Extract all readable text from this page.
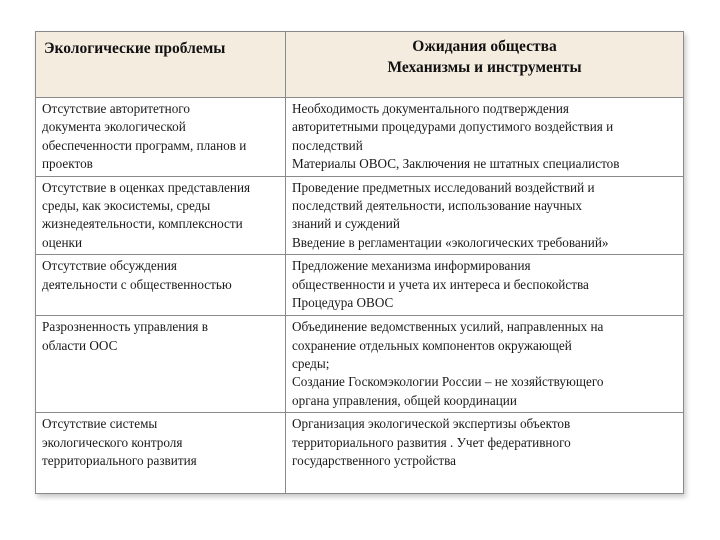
Экологические проблемы	Ожидания общества
Механизмы и инструменты

Отсутствие авторитетного
документа экологической
обеспеченности программ, планов и
проектов	Необходимость документального подтверждения
авторитетными процедурами допустимого воздействия и
последствий
Материалы ОВОС, Заключения не штатных специалистов

Отсутствие в оценках представления
среды, как экосистемы, среды
жизнедеятельности, комплексности
оценки	Проведение предметных исследований воздействий и
последствий деятельности, использование научных
знаний и суждений
Введение в регламентации «экологических требований»

Отсутствие обсуждения
деятельности с общественностью	Предложение механизма информирования
общественности и учета их интереса и беспокойства
Процедура ОВОС

Разрозненность управления в
области ООС	Объединение ведомственных усилий, направленных на
сохранение отдельных компонентов окружающей
среды;
Создание Госкомэкологии России – не хозяйствующего
органа управления, общей координации

Отсутствие системы
экологического контроля
территориального развития	Организация экологической экспертизы объектов
территориального развития . Учет федеративного
государственного устройства
